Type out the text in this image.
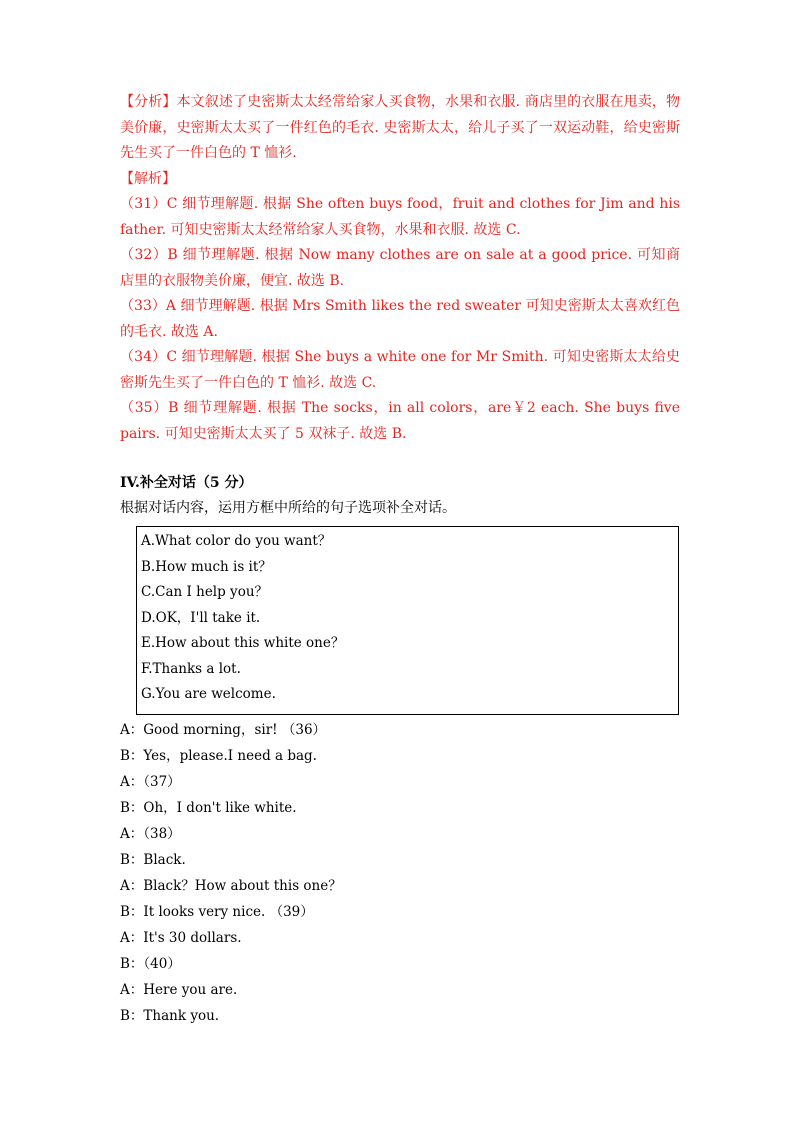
【分析】本文叙述了史密斯太太经常给家人买食物，水果和衣服. 商店里的衣服在甩卖，物美价廉，史密斯太太买了一件红色的毛衣. 史密斯太太，给儿子买了一双运动鞋，给史密斯先生买了一件白色的 T 恤衫.

【解析】

（31）C 细节理解题. 根据 She often buys food，fruit and clothes for Jim and his father. 可知史密斯太太经常给家人买食物，水果和衣服. 故选 C.

（32）B 细节理解题. 根据 Now many clothes are on sale at a good price. 可知商店里的衣服物美价廉，便宜. 故选 B.

（33）A 细节理解题. 根据 Mrs Smith likes the red sweater 可知史密斯太太喜欢红色的毛衣. 故选 A.

（34）C 细节理解题. 根据 She buys a white one for Mr Smith. 可知史密斯太太给史密斯先生买了一件白色的 T 恤衫. 故选 C.

（35）B 细节理解题. 根据 The socks，in all colors，are￥2 each. She buys five pairs. 可知史密斯太太买了 5 双袜子. 故选 B.

IV.补全对话（5 分）

根据对话内容，运用方框中所给的句子选项补全对话。

A.What color do you want？

B.How much is it？

C.Can I help you？

D.OK，I'll take it.

E.How about this white one？

F.Thanks a lot.

G.You are welcome.

A：Good morning，sir! （36）

B：Yes，please.I need a bag.

A：（37）

B：Oh，I don't like white.

A：（38）

B：Black.

A：Black？How about this one？

B：It looks very nice. （39）

A：It's 30 dollars.

B：（40）

A：Here you are.

B：Thank you.
